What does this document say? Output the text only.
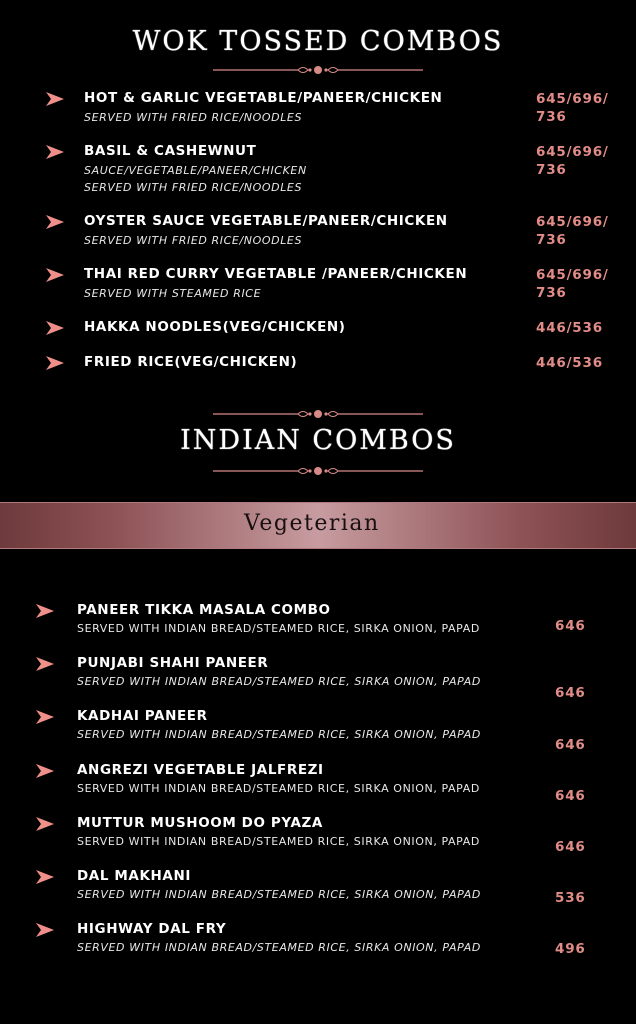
WOK TOSSED COMBOS
HOT & GARLIC VEGETABLE/PANEER/CHICKEN
SERVED WITH FRIED RICE/NOODLES
645/696/
736
BASIL & CASHEWNUT
SAUCE/VEGETABLE/PANEER/CHICKEN
SERVED WITH FRIED RICE/NOODLES
645/696/
736
OYSTER SAUCE VEGETABLE/PANEER/CHICKEN
SERVED WITH FRIED RICE/NOODLES
645/696/
736
THAI RED CURRY VEGETABLE /PANEER/CHICKEN
SERVED WITH STEAMED RICE
645/696/
736
HAKKA NOODLES(VEG/CHICKEN)	446/536
FRIED RICE(VEG/CHICKEN)	446/536
INDIAN COMBOS
Vegeterian
PANEER TIKKA MASALA COMBO
SERVED WITH INDIAN BREAD/STEAMED RICE, SIRKA ONION, PAPAD	646
PUNJABI SHAHI PANEER
SERVED WITH INDIAN BREAD/STEAMED RICE, SIRKA ONION, PAPAD
646
KADHAI PANEER
SERVED WITH INDIAN BREAD/STEAMED RICE, SIRKA ONION, PAPAD
646
ANGREZI VEGETABLE JALFREZI
SERVED WITH INDIAN BREAD/STEAMED RICE, SIRKA ONION, PAPAD	646
MUTTUR MUSHOOM DO PYAZA
SERVED WITH INDIAN BREAD/STEAMED RICE, SIRKA ONION, PAPAD	646
DAL MAKHANI
SERVED WITH INDIAN BREAD/STEAMED RICE, SIRKA ONION, PAPAD	536
HIGHWAY DAL FRY
SERVED WITH INDIAN BREAD/STEAMED RICE, SIRKA ONION, PAPAD	496
